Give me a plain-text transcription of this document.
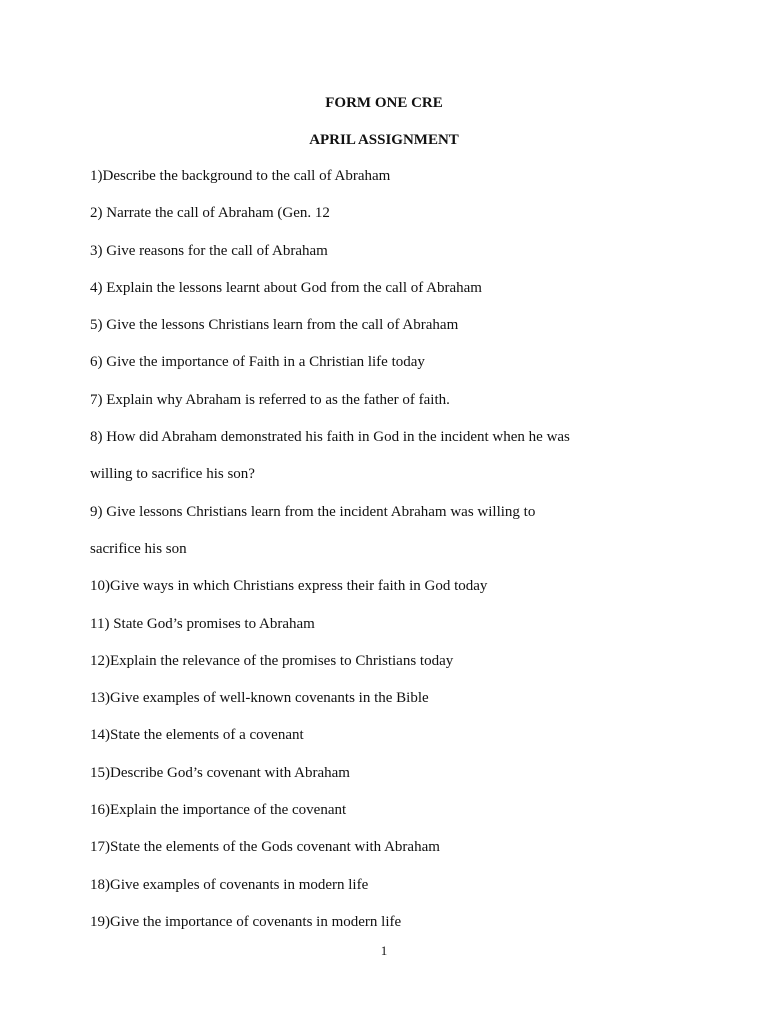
FORM ONE CRE
APRIL ASSIGNMENT
1)Describe the background to the call of Abraham
2) Narrate the call of Abraham (Gen. 12
3) Give reasons for the call of Abraham
4) Explain the lessons learnt about God from the call of Abraham
5) Give the lessons Christians learn from the call of Abraham
6) Give the importance of Faith in a Christian life today
7) Explain why Abraham is referred to as the father of faith.
8) How did Abraham demonstrated his faith in God in the incident when he was
willing to sacrifice his son?
9) Give lessons Christians learn from the incident Abraham was willing to
sacrifice his son
10)Give ways in which Christians express their faith in God today
11) State God’s promises to Abraham
12)Explain the relevance of the promises to Christians today
13)Give examples of well-known covenants in the Bible
14)State the elements of a covenant
15)Describe God’s covenant with Abraham
16)Explain the importance of the covenant
17)State the elements of the Gods covenant with Abraham
18)Give examples of covenants in modern life
19)Give the importance of covenants in modern life
1
